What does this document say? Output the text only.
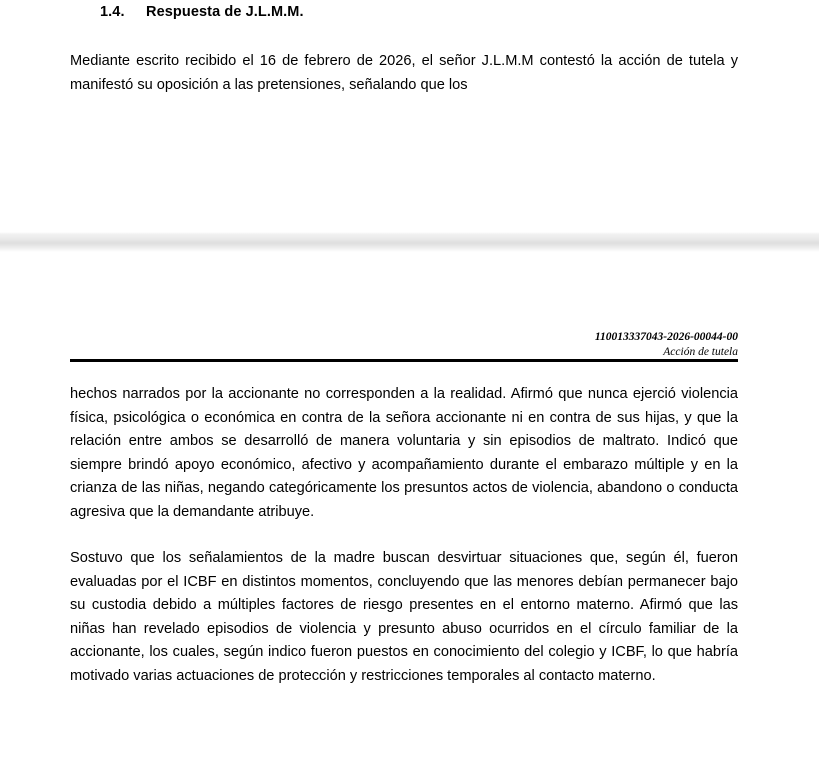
1.4.	Respuesta de J.L.M.M.
Mediante escrito recibido el 16 de febrero de 2026, el señor J.L.M.M contestó la acción de tutela y manifestó su oposición a las pretensiones, señalando que los
110013337043-2026-00044-00
Acción de tutela
hechos narrados por la accionante no corresponden a la realidad. Afirmó que nunca ejerció violencia física, psicológica o económica en contra de la señora accionante ni en contra de sus hijas, y que la relación entre ambos se desarrolló de manera voluntaria y sin episodios de maltrato. Indicó que siempre brindó apoyo económico, afectivo y acompañamiento durante el embarazo múltiple y en la crianza de las niñas, negando categóricamente los presuntos actos de violencia, abandono o conducta agresiva que la demandante atribuye.
Sostuvo que los señalamientos de la madre buscan desvirtuar situaciones que, según él, fueron evaluadas por el ICBF en distintos momentos, concluyendo que las menores debían permanecer bajo su custodia debido a múltiples factores de riesgo presentes en el entorno materno. Afirmó que las niñas han revelado episodios de violencia y presunto abuso ocurridos en el círculo familiar de la accionante, los cuales, según indico fueron puestos en conocimiento del colegio y ICBF, lo que habría motivado varias actuaciones de protección y restricciones temporales al contacto materno.
